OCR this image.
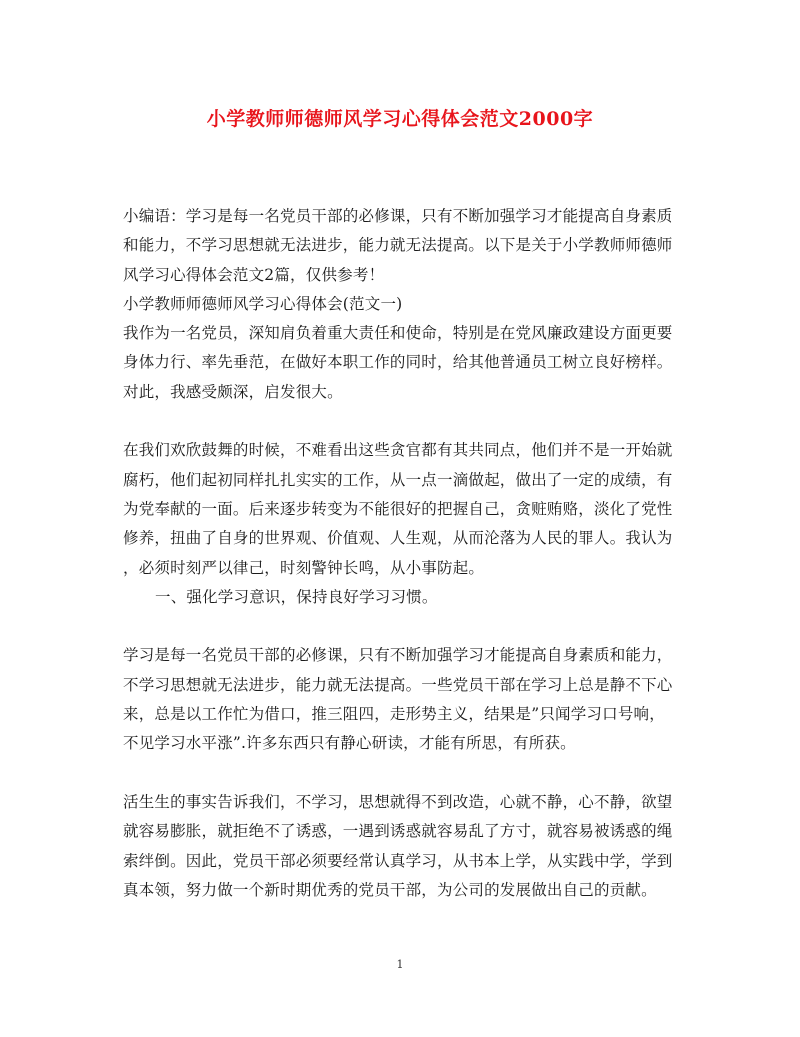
小学教师师德师风学习心得体会范文2000字
小编语：学习是每一名党员干部的必修课，只有不断加强学习才能提高自身素质
和能力，不学习思想就无法进步，能力就无法提高。以下是关于小学教师师德师
风学习心得体会范文2篇，仅供参考！
小学教师师德师风学习心得体会(范文一)
我作为一名党员，深知肩负着重大责任和使命，特别是在党风廉政建设方面更要
身体力行、率先垂范，在做好本职工作的同时，给其他普通员工树立良好榜样。
对此，我感受颇深，启发很大。
在我们欢欣鼓舞的时候，不难看出这些贪官都有其共同点，他们并不是一开始就
腐朽，他们起初同样扎扎实实的工作，从一点一滴做起，做出了一定的成绩，有
为党奉献的一面。后来逐步转变为不能很好的把握自己，贪赃贿赂，淡化了党性
修养，扭曲了自身的世界观、价值观、人生观，从而沦落为人民的罪人。我认为
，必须时刻严以律己，时刻警钟长鸣，从小事防起。
一、强化学习意识，保持良好学习习惯。
学习是每一名党员干部的必修课，只有不断加强学习才能提高自身素质和能力，
不学习思想就无法进步，能力就无法提高。一些党员干部在学习上总是静不下心
来，总是以工作忙为借口，推三阻四，走形势主义，结果是”只闻学习口号响，
不见学习水平涨”.许多东西只有静心研读，才能有所思，有所获。
活生生的事实告诉我们，不学习，思想就得不到改造，心就不静，心不静，欲望
就容易膨胀，就拒绝不了诱惑，一遇到诱惑就容易乱了方寸，就容易被诱惑的绳
索绊倒。因此，党员干部必须要经常认真学习，从书本上学，从实践中学，学到
真本领，努力做一个新时期优秀的党员干部，为公司的发展做出自己的贡献。
1
